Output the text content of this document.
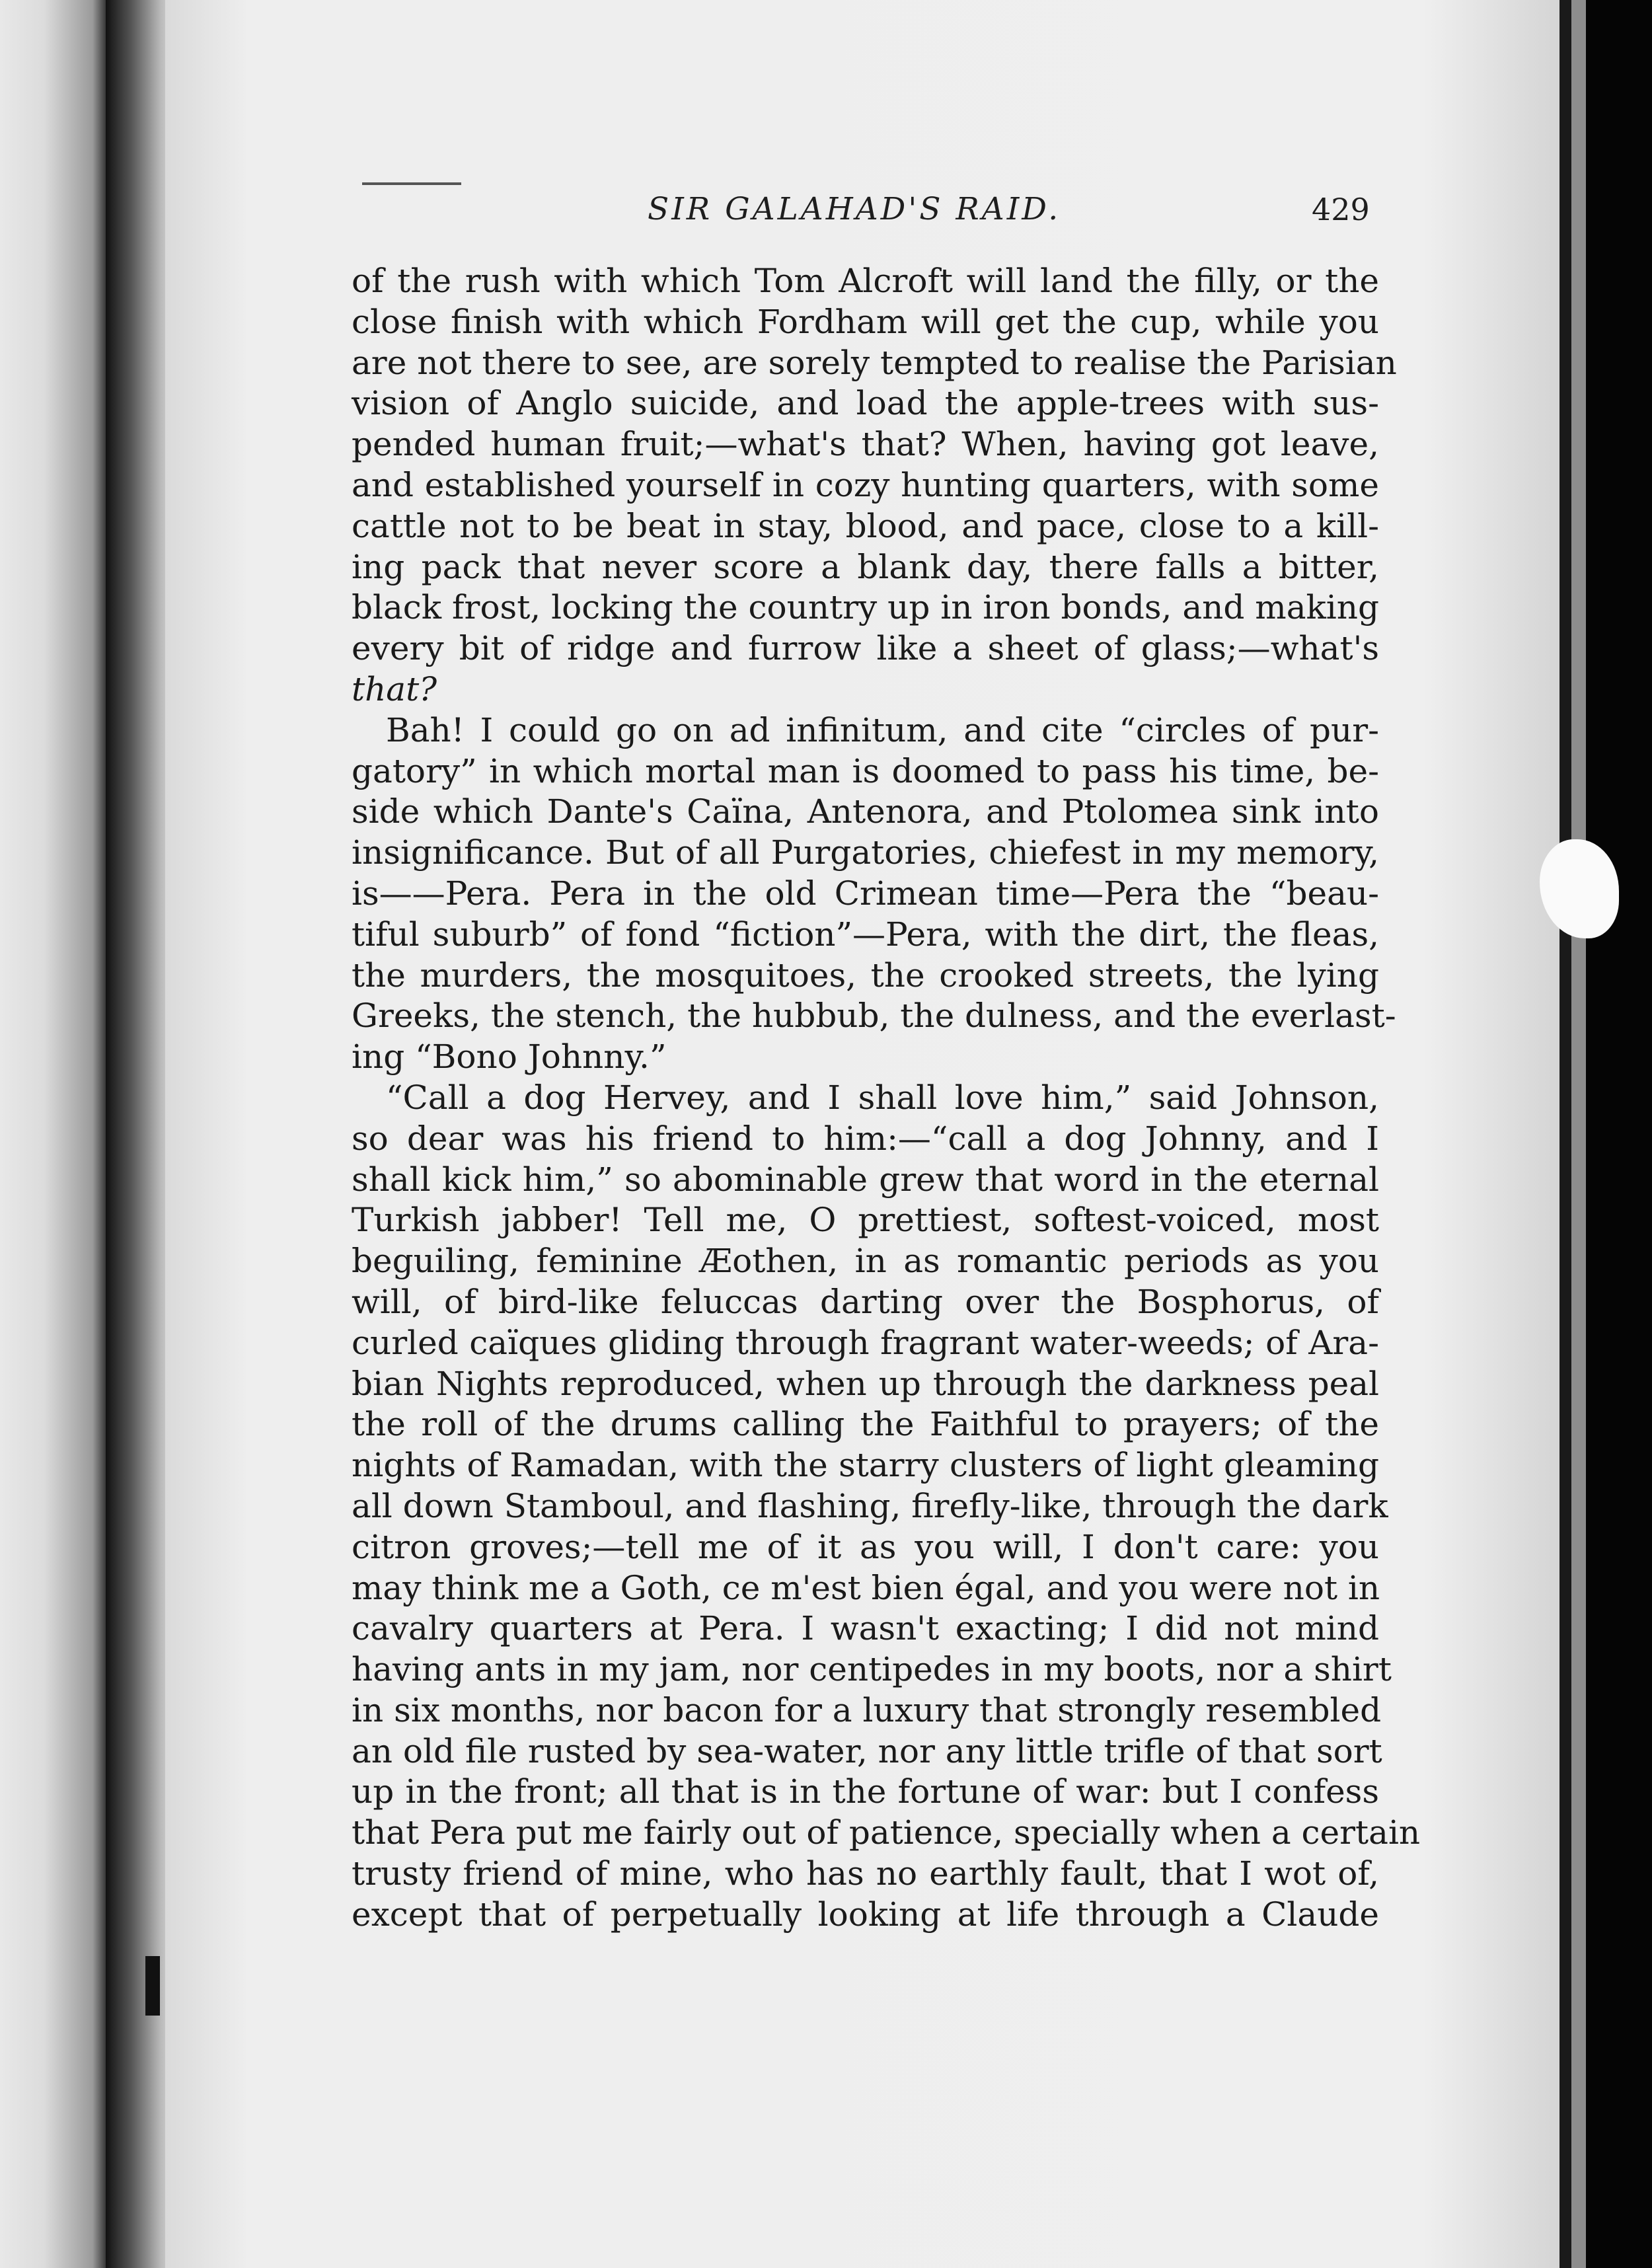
SIR GALAHAD'S RAID.	429
of the rush with which Tom Alcroft will land the filly, or the
close finish with which Fordham will get the cup, while you
are not there to see, are sorely tempted to realise the Parisian
vision of Anglo suicide, and load the apple-trees with sus-
pended human fruit;—what's that? When, having got leave,
and established yourself in cozy hunting quarters, with some
cattle not to be beat in stay, blood, and pace, close to a kill-
ing pack that never score a blank day, there falls a bitter,
black frost, locking the country up in iron bonds, and making
every bit of ridge and furrow like a sheet of glass;—what's
that?
Bah! I could go on ad infinitum, and cite “circles of pur-
gatory” in which mortal man is doomed to pass his time, be-
side which Dante's Caïna, Antenora, and Ptolomea sink into
insignificance. But of all Purgatories, chiefest in my memory,
is——Pera. Pera in the old Crimean time—Pera the “beau-
tiful suburb” of fond “fiction”—Pera, with the dirt, the fleas,
the murders, the mosquitoes, the crooked streets, the lying
Greeks, the stench, the hubbub, the dulness, and the everlast-
ing “Bono Johnny.”
“Call a dog Hervey, and I shall love him,” said Johnson,
so dear was his friend to him:—“call a dog Johnny, and I
shall kick him,” so abominable grew that word in the eternal
Turkish jabber! Tell me, O prettiest, softest-voiced, most
beguiling, feminine Æothen, in as romantic periods as you
will, of bird-like feluccas darting over the Bosphorus, of
curled caïques gliding through fragrant water-weeds; of Ara-
bian Nights reproduced, when up through the darkness peal
the roll of the drums calling the Faithful to prayers; of the
nights of Ramadan, with the starry clusters of light gleaming
all down Stamboul, and flashing, firefly-like, through the dark
citron groves;—tell me of it as you will, I don't care: you
may think me a Goth, ce m'est bien égal, and you were not in
cavalry quarters at Pera. I wasn't exacting; I did not mind
having ants in my jam, nor centipedes in my boots, nor a shirt
in six months, nor bacon for a luxury that strongly resembled
an old file rusted by sea-water, nor any little trifle of that sort
up in the front; all that is in the fortune of war: but I confess
that Pera put me fairly out of patience, specially when a certain
trusty friend of mine, who has no earthly fault, that I wot of,
except that of perpetually looking at life through a Claude
